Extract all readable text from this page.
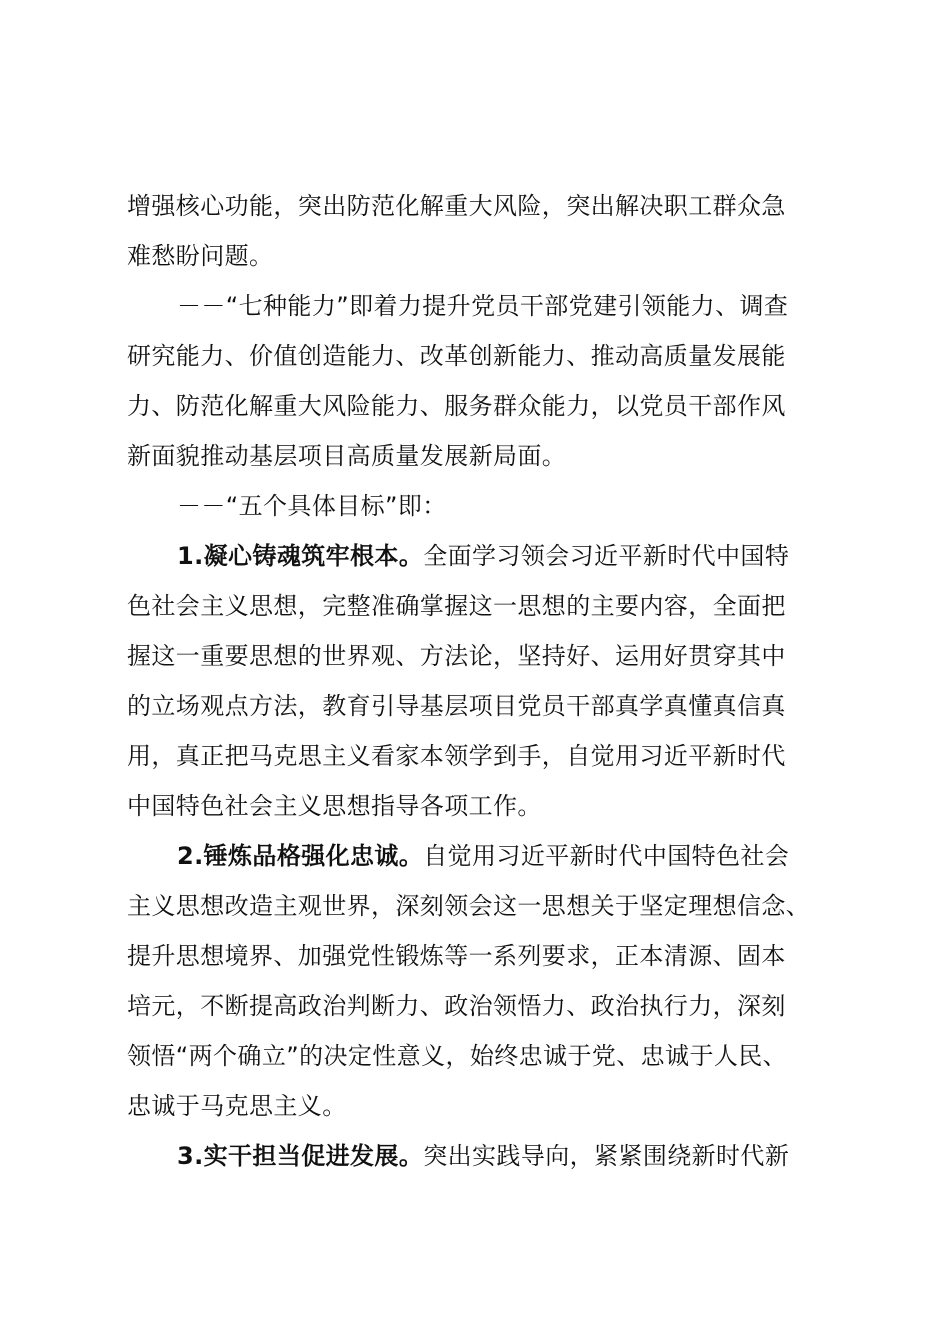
增强核心功能，突出防范化解重大风险，突出解决职工群众急
难愁盼问题。
－－“七种能力”即着力提升党员干部党建引领能力、调查
研究能力、价值创造能力、改革创新能力、推动高质量发展能
力、防范化解重大风险能力、服务群众能力，以党员干部作风
新面貌推动基层项目高质量发展新局面。
－－“五个具体目标”即：
1.凝心铸魂筑牢根本。全面学习领会习近平新时代中国特
色社会主义思想，完整准确掌握这一思想的主要内容，全面把
握这一重要思想的世界观、方法论，坚持好、运用好贯穿其中
的立场观点方法，教育引导基层项目党员干部真学真懂真信真
用，真正把马克思主义看家本领学到手，自觉用习近平新时代
中国特色社会主义思想指导各项工作。
2.锤炼品格强化忠诚。自觉用习近平新时代中国特色社会
主义思想改造主观世界，深刻领会这一思想关于坚定理想信念、
提升思想境界、加强党性锻炼等一系列要求，正本清源、固本
培元，不断提高政治判断力、政治领悟力、政治执行力，深刻
领悟“两个确立”的决定性意义，始终忠诚于党、忠诚于人民、
忠诚于马克思主义。
3.实干担当促进发展。突出实践导向，紧紧围绕新时代新
